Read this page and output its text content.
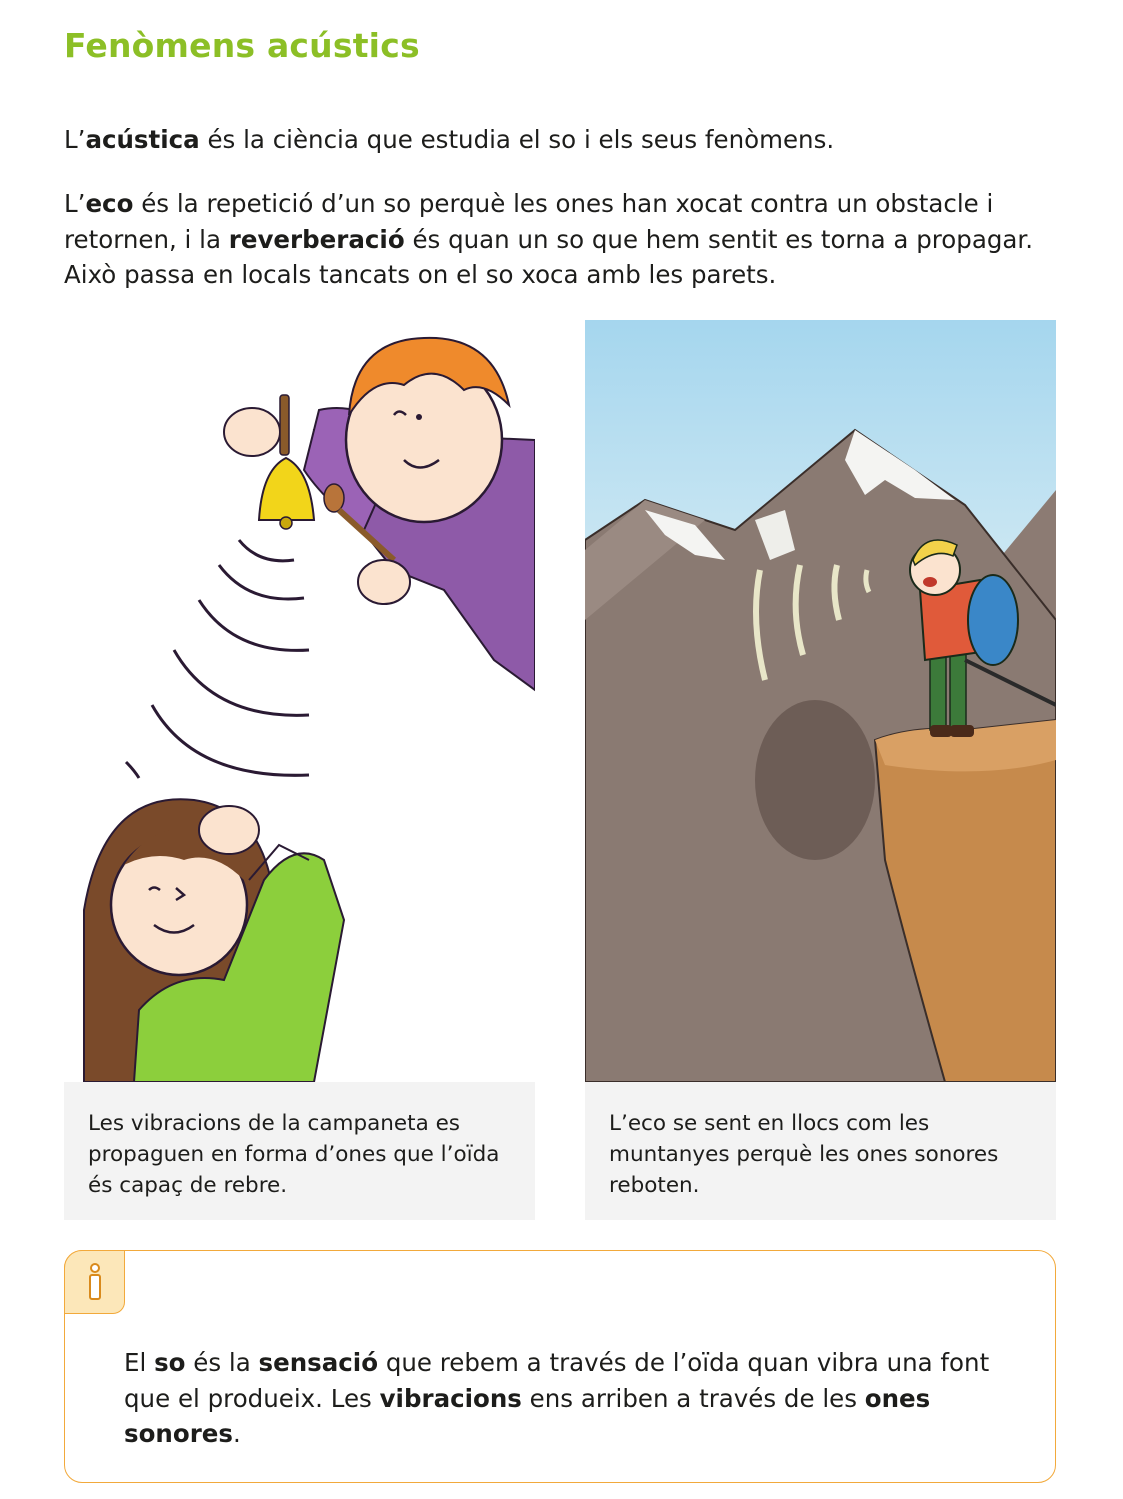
Fenòmens acústics

L’acústica és la ciència que estudia el so i els seus fenòmens.

L’eco és la repetició d’un so perquè les ones han xocat contra un obstacle i retornen, i la reverberació és quan un so que hem sentit es torna a propagar. Això passa en locals tancats on el so xoca amb les parets.

Les vibracions de la campaneta es propaguen en forma d’ones que l’oïda és capaç de rebre.

L’eco se sent en llocs com les muntanyes perquè les ones sonores reboten.

El so és la sensació que rebem a través de l’oïda quan vibra una font que el produeix. Les vibracions ens arriben a través de les ones sonores.
